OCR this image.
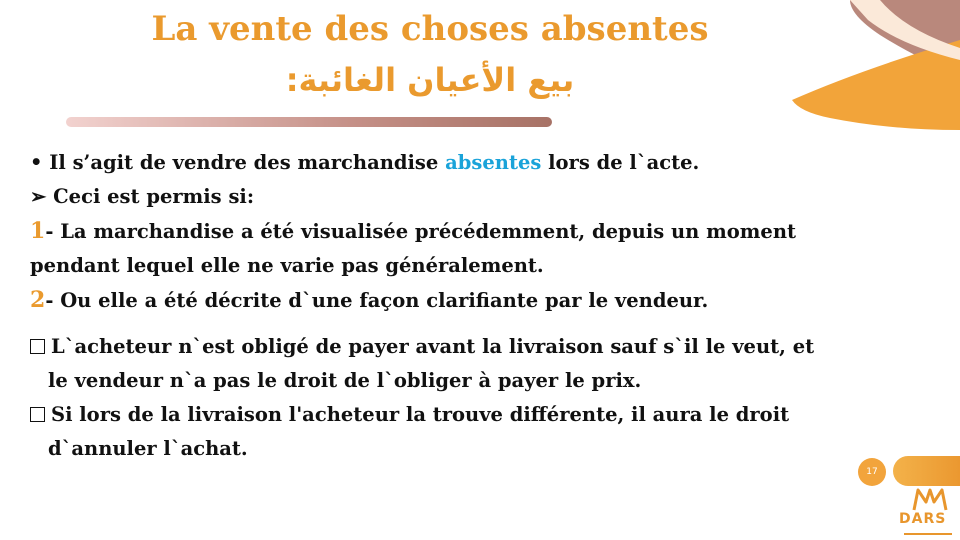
La vente des choses absentes
بيع الأعيان الغائبة:
• Il s’agit de vendre des marchandise absentes lors de l`acte.
➢ Ceci est permis si:
1- La marchandise a été visualisée précédemment, depuis un moment
pendant lequel elle ne varie pas généralement.
2- Ou elle a été décrite d`une façon clarifiante par le vendeur.
L`acheteur n`est obligé de payer avant la livraison sauf s`il le veut, et
le vendeur n`a pas le droit de l`obliger à payer le prix.
Si lors de la livraison l'acheteur la trouve différente, il aura le droit
d`annuler l`achat.
17
DARS
